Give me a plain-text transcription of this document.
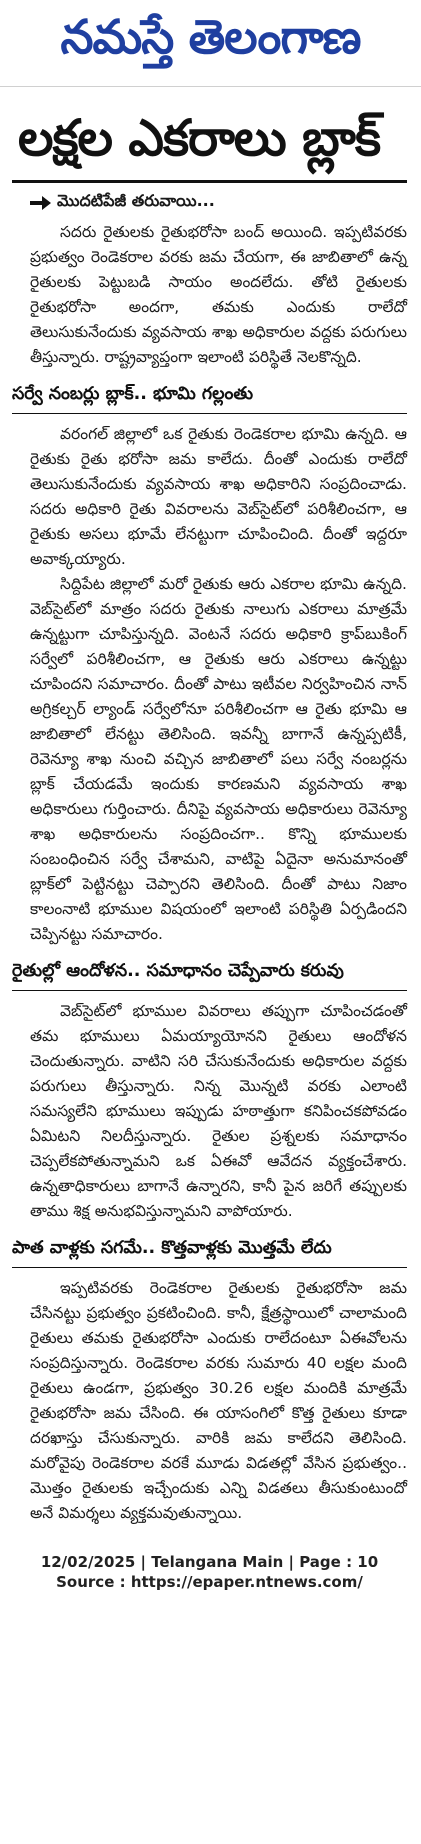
నమస్తే తెలంగాణ
లక్షల ఎకరాలు బ్లాక్
మొదటిపేజీ తరువాయి...

సదరు రైతులకు రైతుభరోసా బంద్ అయింది. ఇప్పటివరకు ప్రభుత్వం రెండెకరాల వరకు జమ చేయగా, ఈ జాబితాలో ఉన్న రైతులకు పెట్టుబడి సాయం అందలేదు. తోటి రైతులకు రైతుభరోసా అందగా, తమకు ఎందుకు రాలేదో తెలుసుకునేందుకు వ్యవసాయ శాఖ అధికారుల వద్దకు పరుగులు తీస్తున్నారు. రాష్ట్రవ్యాప్తంగా ఇలాంటి పరిస్థితే నెలకొన్నది.

సర్వే నంబర్లు బ్లాక్.. భూమి గల్లంతు

వరంగల్ జిల్లాలో ఒక రైతుకు రెండెకరాల భూమి ఉన్నది. ఆ రైతుకు రైతు భరోసా జమ కాలేదు. దీంతో ఎందుకు రాలేదో తెలుసుకునేందుకు వ్యవసాయ శాఖ అధికారిని సంప్రదించాడు. సదరు అధికారి రైతు వివరాలను వెబ్‌సైట్‌లో పరిశీలించగా, ఆ రైతుకు అసలు భూమే లేనట్టుగా చూపించింది. దీంతో ఇద్దరూ అవాక్కయ్యారు.

సిద్దిపేట జిల్లాలో మరో రైతుకు ఆరు ఎకరాల భూమి ఉన్నది. వెబ్‌సైట్‌లో మాత్రం సదరు రైతుకు నాలుగు ఎకరాలు మాత్రమే ఉన్నట్టుగా చూపిస్తున్నది. వెంటనే సదరు అధికారి క్రాప్‌బుకింగ్ సర్వేలో పరిశీలించగా, ఆ రైతుకు ఆరు ఎకరాలు ఉన్నట్టు చూపిందని సమాచారం. దీంతో పాటు ఇటీవల నిర్వహించిన నాన్ అగ్రికల్చర్ ల్యాండ్ సర్వేలోనూ పరిశీలించగా ఆ రైతు భూమి ఆ జాబితాలో లేనట్టు తెలిసింది. ఇవన్నీ బాగానే ఉన్నప్పటికీ, రెవెన్యూ శాఖ నుంచి వచ్చిన జాబితాలో పలు సర్వే నంబర్లను బ్లాక్ చేయడమే ఇందుకు కారణమని వ్యవసాయ శాఖ అధికారులు గుర్తించారు. దీనిపై వ్యవసాయ అధికారులు రెవెన్యూ శాఖ అధికారులను సంప్రదించగా.. కొన్ని భూములకు సంబంధించిన సర్వే చేశామని, వాటిపై ఏదైనా అనుమానంతో బ్లాక్‌లో పెట్టినట్టు చెప్పారని తెలిసింది. దీంతో పాటు నిజాం కాలంనాటి భూముల విషయంలో ఇలాంటి పరిస్థితి ఏర్పడిందని చెప్పినట్టు సమాచారం.

రైతుల్లో ఆందోళన.. సమాధానం చెప్పేవారు కరువు

వెబ్‌సైట్‌లో భూముల వివరాలు తప్పుగా చూపించడంతో తమ భూములు ఏమయ్యాయోనని రైతులు ఆందోళన చెందుతున్నారు. వాటిని సరి చేసుకునేందుకు అధికారుల వద్దకు పరుగులు తీస్తున్నారు. నిన్న మొన్నటి వరకు ఎలాంటి సమస్యలేని భూములు ఇప్పుడు హఠాత్తుగా కనిపించకపోవడం ఏమిటని నిలదీస్తున్నారు. రైతుల ప్రశ్నలకు సమాధానం చెప్పలేకపోతున్నామని ఒక ఏఈవో ఆవేదన వ్యక్తంచేశారు. ఉన్నతాధికారులు బాగానే ఉన్నారని, కానీ పైన జరిగే తప్పులకు తాము శిక్ష అనుభవిస్తున్నామని వాపోయారు.

పాత వాళ్లకు సగమే.. కొత్తవాళ్లకు మొత్తమే లేదు

ఇప్పటివరకు రెండెకరాల రైతులకు రైతుభరోసా జమ చేసినట్టు ప్రభుత్వం ప్రకటించింది. కానీ, క్షేత్రస్థాయిలో చాలామంది రైతులు తమకు రైతుభరోసా ఎందుకు రాలేదంటూ ఏఈవోలను సంప్రదిస్తున్నారు. రెండెకరాల వరకు సుమారు 40 లక్షల మంది రైతులు ఉండగా, ప్రభుత్వం 30.26 లక్షల మందికి మాత్రమే రైతుభరోసా జమ చేసింది. ఈ యాసంగిలో కొత్త రైతులు కూడా దరఖాస్తు చేసుకున్నారు. వారికి జమ కాలేదని తెలిసింది. మరోవైపు రెండెకరాల వరకే మూడు విడతల్లో వేసిన ప్రభుత్వం.. మొత్తం రైతులకు ఇచ్చేందుకు ఎన్ని విడతలు తీసుకుంటుందో అనే విమర్శలు వ్యక్తమవుతున్నాయి.

12/02/2025 | Telangana Main | Page : 10
Source : https://epaper.ntnews.com/
